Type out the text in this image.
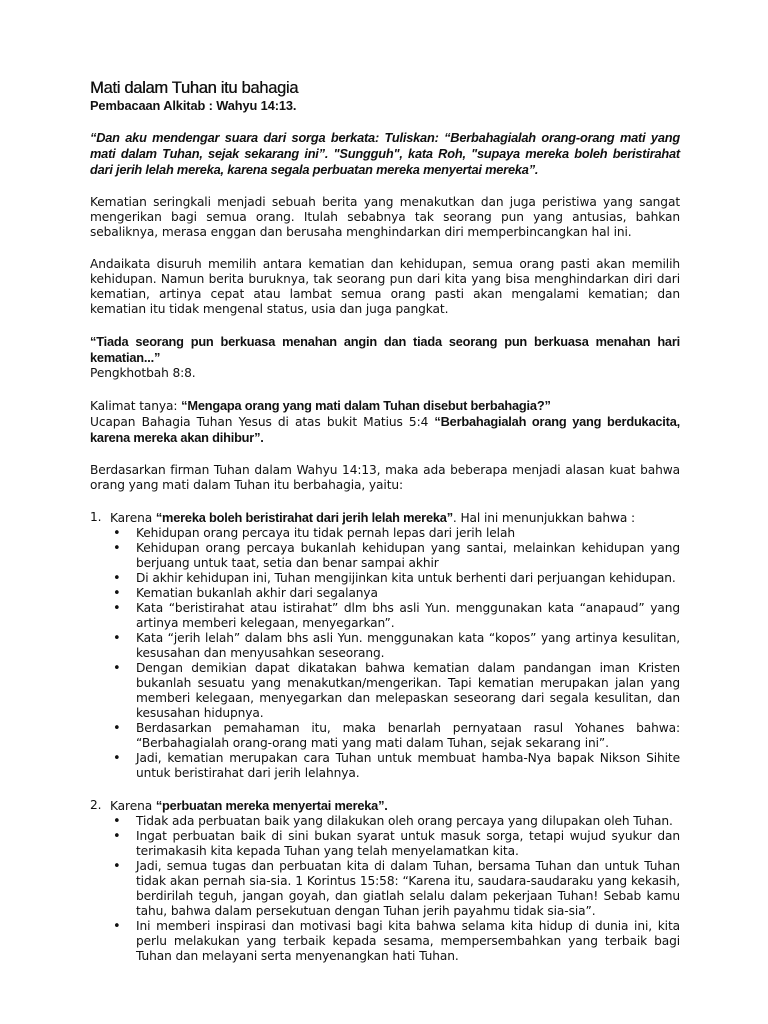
Mati dalam Tuhan itu bahagia
Pembacaan Alkitab : Wahyu 14:13.

“Dan aku mendengar suara dari sorga berkata: Tuliskan: “Berbahagialah orang-orang mati yang mati dalam Tuhan, sejak sekarang ini”. "Sungguh", kata Roh, "supaya mereka boleh beristirahat dari jerih lelah mereka, karena segala perbuatan mereka menyertai mereka”.

Kematian seringkali menjadi sebuah berita yang menakutkan dan juga peristiwa yang sangat mengerikan bagi semua orang. Itulah sebabnya tak seorang pun yang antusias, bahkan sebaliknya, merasa enggan dan berusaha menghindarkan diri memperbincangkan hal ini.

Andaikata disuruh memilih antara kematian dan kehidupan, semua orang pasti akan memilih kehidupan. Namun berita buruknya, tak seorang pun dari kita yang bisa menghindarkan diri dari kematian, artinya cepat atau lambat semua orang pasti akan mengalami kematian; dan kematian itu tidak mengenal status, usia dan juga pangkat.

“Tiada seorang pun berkuasa menahan angin dan tiada seorang pun berkuasa menahan hari kematian...”

Pengkhotbah 8:8.

Kalimat tanya: “Mengapa orang yang mati dalam Tuhan disebut berbahagia?”

Ucapan Bahagia Tuhan Yesus di atas bukit Matius 5:4 “Berbahagialah orang yang berdukacita, karena mereka akan dihibur”.

Berdasarkan firman Tuhan dalam Wahyu 14:13, maka ada beberapa menjadi alasan kuat bahwa orang yang mati dalam Tuhan itu berbahagia, yaitu:

1. Karena “mereka boleh beristirahat dari jerih lelah mereka”. Hal ini menunjukkan bahwa :
• Kehidupan orang percaya itu tidak pernah lepas dari jerih lelah
• Kehidupan orang percaya bukanlah kehidupan yang santai, melainkan kehidupan yang berjuang untuk taat, setia dan benar sampai akhir
• Di akhir kehidupan ini, Tuhan mengijinkan kita untuk berhenti dari perjuangan kehidupan.
• Kematian bukanlah akhir dari segalanya
• Kata “beristirahat atau istirahat” dlm bhs asli Yun. menggunakan kata “anapaud” yang artinya memberi kelegaan, menyegarkan”.
• Kata “jerih lelah” dalam bhs asli Yun. menggunakan kata “kopos” yang artinya kesulitan, kesusahan dan menyusahkan seseorang.
• Dengan demikian dapat dikatakan bahwa kematian dalam pandangan iman Kristen bukanlah sesuatu yang menakutkan/mengerikan. Tapi kematian merupakan jalan yang memberi kelegaan, menyegarkan dan melepaskan seseorang dari segala kesulitan, dan kesusahan hidupnya.
• Berdasarkan pemahaman itu, maka benarlah pernyataan rasul Yohanes bahwa: “Berbahagialah orang-orang mati yang mati dalam Tuhan, sejak sekarang ini”.
• Jadi, kematian merupakan cara Tuhan untuk membuat hamba-Nya bapak Nikson Sihite untuk beristirahat dari jerih lelahnya.
2. Karena “perbuatan mereka menyertai mereka”.
• Tidak ada perbuatan baik yang dilakukan oleh orang percaya yang dilupakan oleh Tuhan.
• Ingat perbuatan baik di sini bukan syarat untuk masuk sorga, tetapi wujud syukur dan terimakasih kita kepada Tuhan yang telah menyelamatkan kita.
• Jadi, semua tugas dan perbuatan kita di dalam Tuhan, bersama Tuhan dan untuk Tuhan tidak akan pernah sia-sia. 1 Korintus 15:58: “Karena itu, saudara-saudaraku yang kekasih, berdirilah teguh, jangan goyah, dan giatlah selalu dalam pekerjaan Tuhan! Sebab kamu tahu, bahwa dalam persekutuan dengan Tuhan jerih payahmu tidak sia-sia”.
• Ini memberi inspirasi dan motivasi bagi kita bahwa selama kita hidup di dunia ini, kita perlu melakukan yang terbaik kepada sesama, mempersembahkan yang terbaik bagi Tuhan dan melayani serta menyenangkan hati Tuhan.
